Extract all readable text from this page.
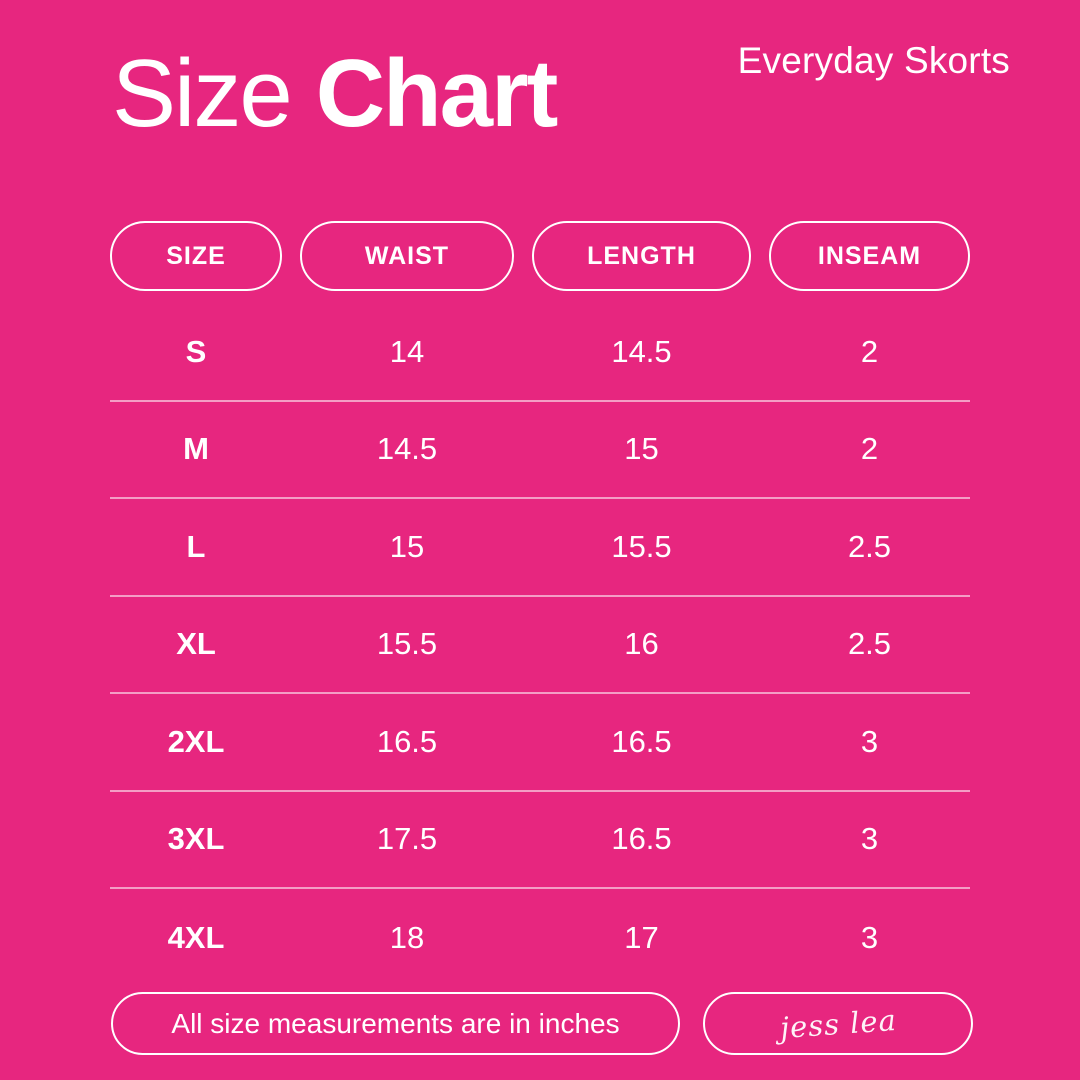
Size Chart	Everyday Skorts
SIZE	WAIST	LENGTH	INSEAM
S	14	14.5	2
M	14.5	15	2
L	15	15.5	2.5
XL	15.5	16	2.5
2XL	16.5	16.5	3
3XL	17.5	16.5	3
4XL	18	17	3
All size measurements are in inches	jess lea
